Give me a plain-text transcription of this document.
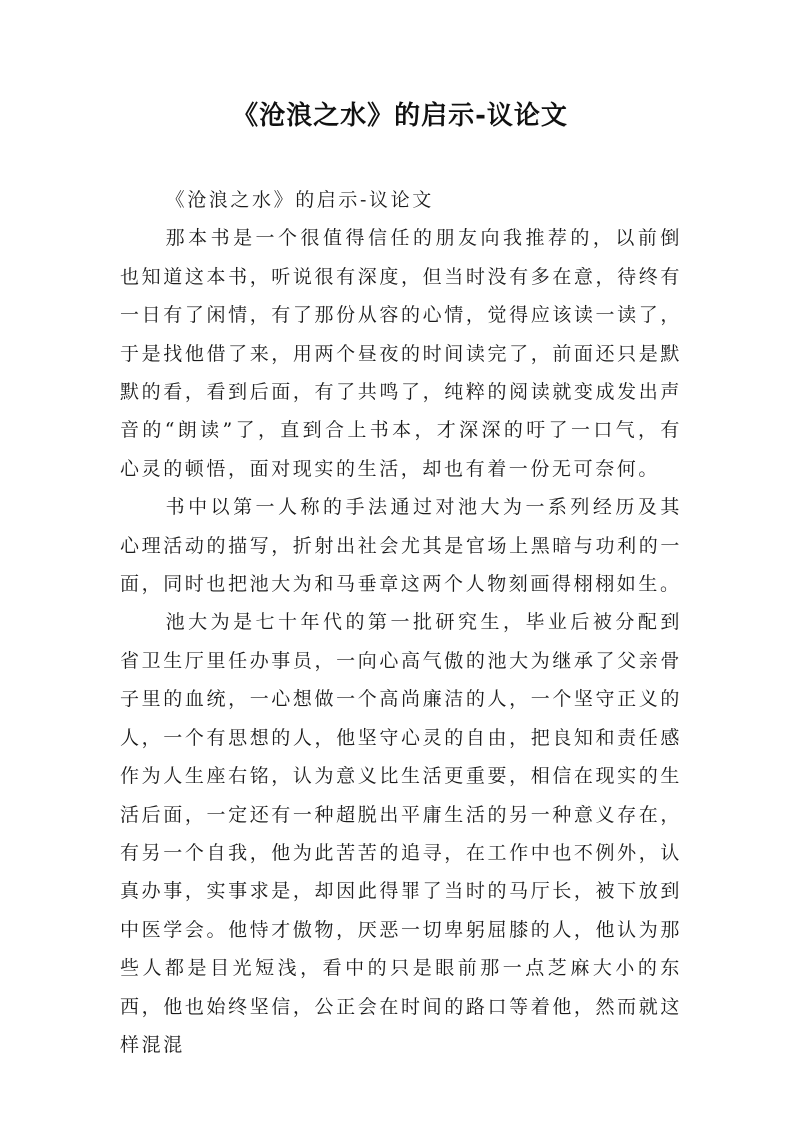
《沧浪之水》的启示-议论文

《沧浪之水》的启示-议论文

那本书是一个很值得信任的朋友向我推荐的，以前倒也知道这本书，听说很有深度，但当时没有多在意，待终有一日有了闲情，有了那份从容的心情，觉得应该读一读了，于是找他借了来，用两个昼夜的时间读完了，前面还只是默默的看，看到后面，有了共鸣了，纯粹的阅读就变成发出声音的“朗读”了，直到合上书本，才深深的吁了一口气，有心灵的顿悟，面对现实的生活，却也有着一份无可奈何。

书中以第一人称的手法通过对池大为一系列经历及其心理活动的描写，折射出社会尤其是官场上黑暗与功利的一面，同时也把池大为和马垂章这两个人物刻画得栩栩如生。

池大为是七十年代的第一批研究生，毕业后被分配到省卫生厅里任办事员，一向心高气傲的池大为继承了父亲骨子里的血统，一心想做一个高尚廉洁的人，一个坚守正义的人，一个有思想的人，他坚守心灵的自由，把良知和责任感作为人生座右铭，认为意义比生活更重要，相信在现实的生活后面，一定还有一种超脱出平庸生活的另一种意义存在，有另一个自我，他为此苦苦的追寻，在工作中也不例外，认真办事，实事求是，却因此得罪了当时的马厅长，被下放到中医学会。他恃才傲物，厌恶一切卑躬屈膝的人，他认为那些人都是目光短浅，看中的只是眼前那一点芝麻大小的东西，他也始终坚信，公正会在时间的路口等着他，然而就这样混混
